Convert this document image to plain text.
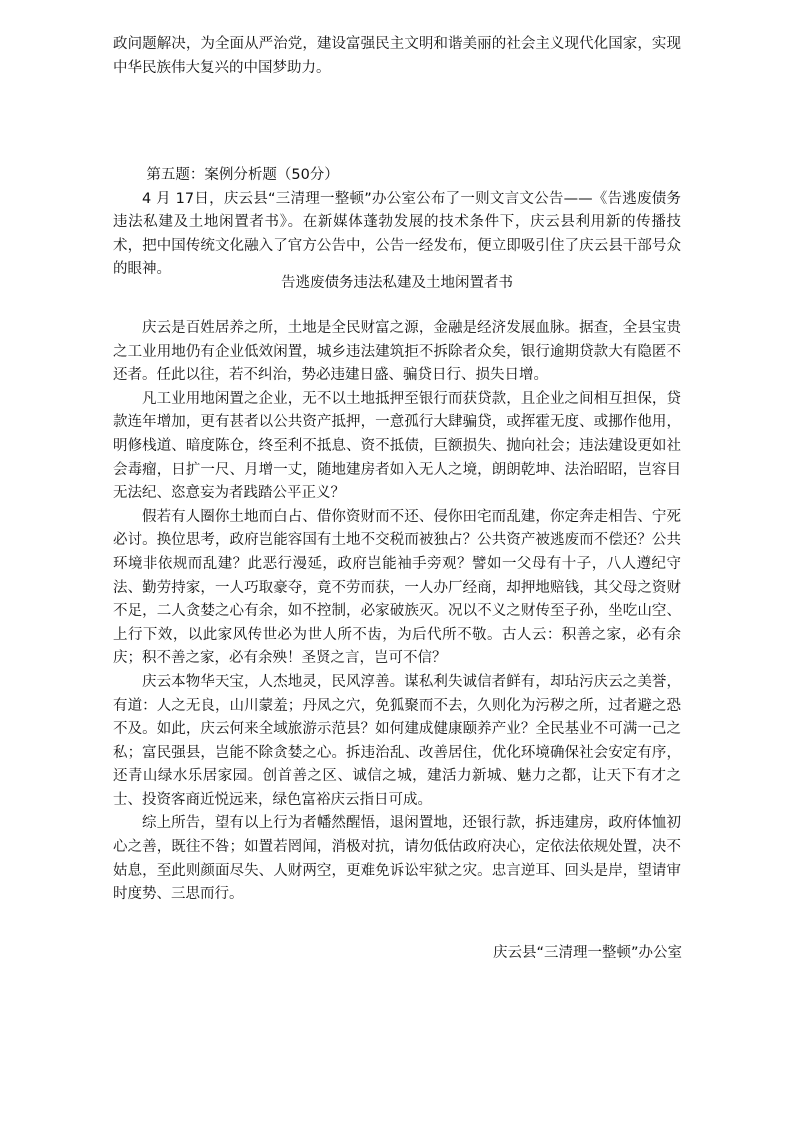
政问题解决，为全面从严治党，建设富强民主文明和谐美丽的社会主义现代化国家，实现中华民族伟大复兴的中国梦助力。

第五题：案例分析题（50分）

4 月 17日，庆云县“三清理一整顿”办公室公布了一则文言文公告——《告逃废债务违法私建及土地闲置者书》。在新媒体蓬勃发展的技术条件下，庆云县利用新的传播技术，把中国传统文化融入了官方公告中，公告一经发布，便立即吸引住了庆云县干部号众的眼神。

告逃废债务违法私建及土地闲置者书

庆云是百姓居养之所，土地是全民财富之源，金融是经济发展血脉。据查，全县宝贵之工业用地仍有企业低效闲置，城乡违法建筑拒不拆除者众矣，银行逾期贷款大有隐匿不还者。任此以往，若不纠治，势必违建日盛、骗贷日行、损失日增。

凡工业用地闲置之企业，无不以土地抵押至银行而获贷款，且企业之间相互担保，贷款连年增加，更有甚者以公共资产抵押，一意孤行大肆骗贷，或挥霍无度、或挪作他用，明修栈道、暗度陈仓，终至利不抵息、资不抵债，巨额损失、抛向社会；违法建设更如社会毒瘤，日扩一尺、月增一丈，随地建房者如入无人之境，朗朗乾坤、法治昭昭，岂容目无法纪、恣意妄为者践踏公平正义？

假若有人圈你土地而白占、借你资财而不还、侵你田宅而乱建，你定奔走相告、宁死必讨。换位思考，政府岂能容国有土地不交税而被独占？公共资产被逃废而不偿还？公共环境非依规而乱建？此恶行漫延，政府岂能袖手旁观？譬如一父母有十子，八人遵纪守法、勤劳持家，一人巧取豪夺，竟不劳而获，一人办厂经商，却押地赔钱，其父母之资财不足，二人贪婪之心有余，如不控制，必家破族灭。况以不义之财传至子孙，坐吃山空、上行下效，以此家风传世必为世人所不齿，为后代所不敬。古人云：积善之家，必有余庆；积不善之家，必有余殃！圣贤之言，岂可不信？

庆云本物华天宝，人杰地灵，民风淳善。谋私利失诚信者鲜有，却玷污庆云之美誉，有道：人之无良，山川蒙羞；丹凤之穴，免狐聚而不去，久则化为污秽之所，过者避之恐不及。如此，庆云何来全域旅游示范县？如何建成健康颐养产业？全民基业不可满一己之私；富民强县，岂能不除贪婪之心。拆违治乱、改善居住，优化环境确保社会安定有序，还青山绿水乐居家园。创首善之区、诚信之城，建活力新城、魅力之都，让天下有才之士、投资客商近悦远来，绿色富裕庆云指日可成。

综上所告，望有以上行为者幡然醒悟，退闲置地，还银行款，拆违建房，政府体恤初心之善，既往不咎；如置若罔闻，消极对抗，请勿低估政府决心，定依法依规处置，决不姑息，至此则颜面尽失、人财两空，更难免诉讼牢狱之灾。忠言逆耳、回头是岸，望请审时度势、三思而行。

庆云县“三清理一整顿”办公室
